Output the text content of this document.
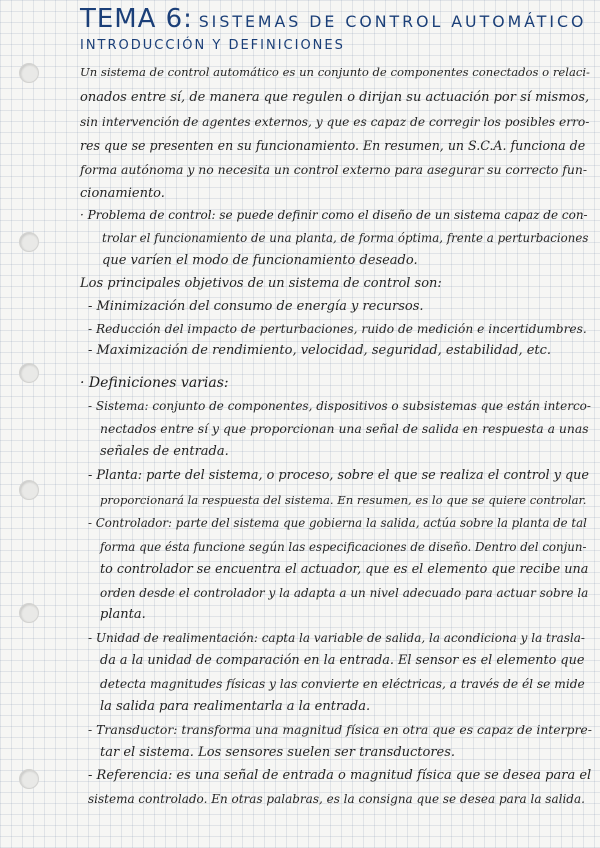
TEMA 6: SISTEMAS DE CONTROL AUTOMÁTICO
INTRODUCCIÓN Y DEFINICIONES
Un sistema de control automático es un conjunto de componentes conectados o relaci-
onados entre sí, de manera que regulen o dirijan su actuación por sí mismos,
sin intervención de agentes externos, y que es capaz de corregir los posibles erro-
res que se presenten en su funcionamiento. En resumen, un S.C.A. funciona de
forma autónoma y no necesita un control externo para asegurar su correcto fun-
cionamiento.
· Problema de control: se puede definir como el diseño de un sistema capaz de con-
trolar el funcionamiento de una planta, de forma óptima, frente a perturbaciones
que varíen el modo de funcionamiento deseado.
Los principales objetivos de un sistema de control son:
- Minimización del consumo de energía y recursos.
- Reducción del impacto de perturbaciones, ruido de medición e incertidumbres.
- Maximización de rendimiento, velocidad, seguridad, estabilidad, etc.
· Definiciones varias:
- Sistema: conjunto de componentes, dispositivos o subsistemas que están interco-
nectados entre sí y que proporcionan una señal de salida en respuesta a unas
señales de entrada.
- Planta: parte del sistema, o proceso, sobre el que se realiza el control y que
proporcionará la respuesta del sistema. En resumen, es lo que se quiere controlar.
- Controlador: parte del sistema que gobierna la salida, actúa sobre la planta de tal
forma que ésta funcione según las especificaciones de diseño. Dentro del conjun-
to controlador se encuentra el actuador, que es el elemento que recibe una
orden desde el controlador y la adapta a un nivel adecuado para actuar sobre la
planta.
- Unidad de realimentación: capta la variable de salida, la acondiciona y la trasla-
da a la unidad de comparación en la entrada. El sensor es el elemento que
detecta magnitudes físicas y las convierte en eléctricas, a través de él se mide
la salida para realimentarla a la entrada.
- Transductor: transforma una magnitud física en otra que es capaz de interpre-
tar el sistema. Los sensores suelen ser transductores.
- Referencia: es una señal de entrada o magnitud física que se desea para el
sistema controlado. En otras palabras, es la consigna que se desea para la salida.
